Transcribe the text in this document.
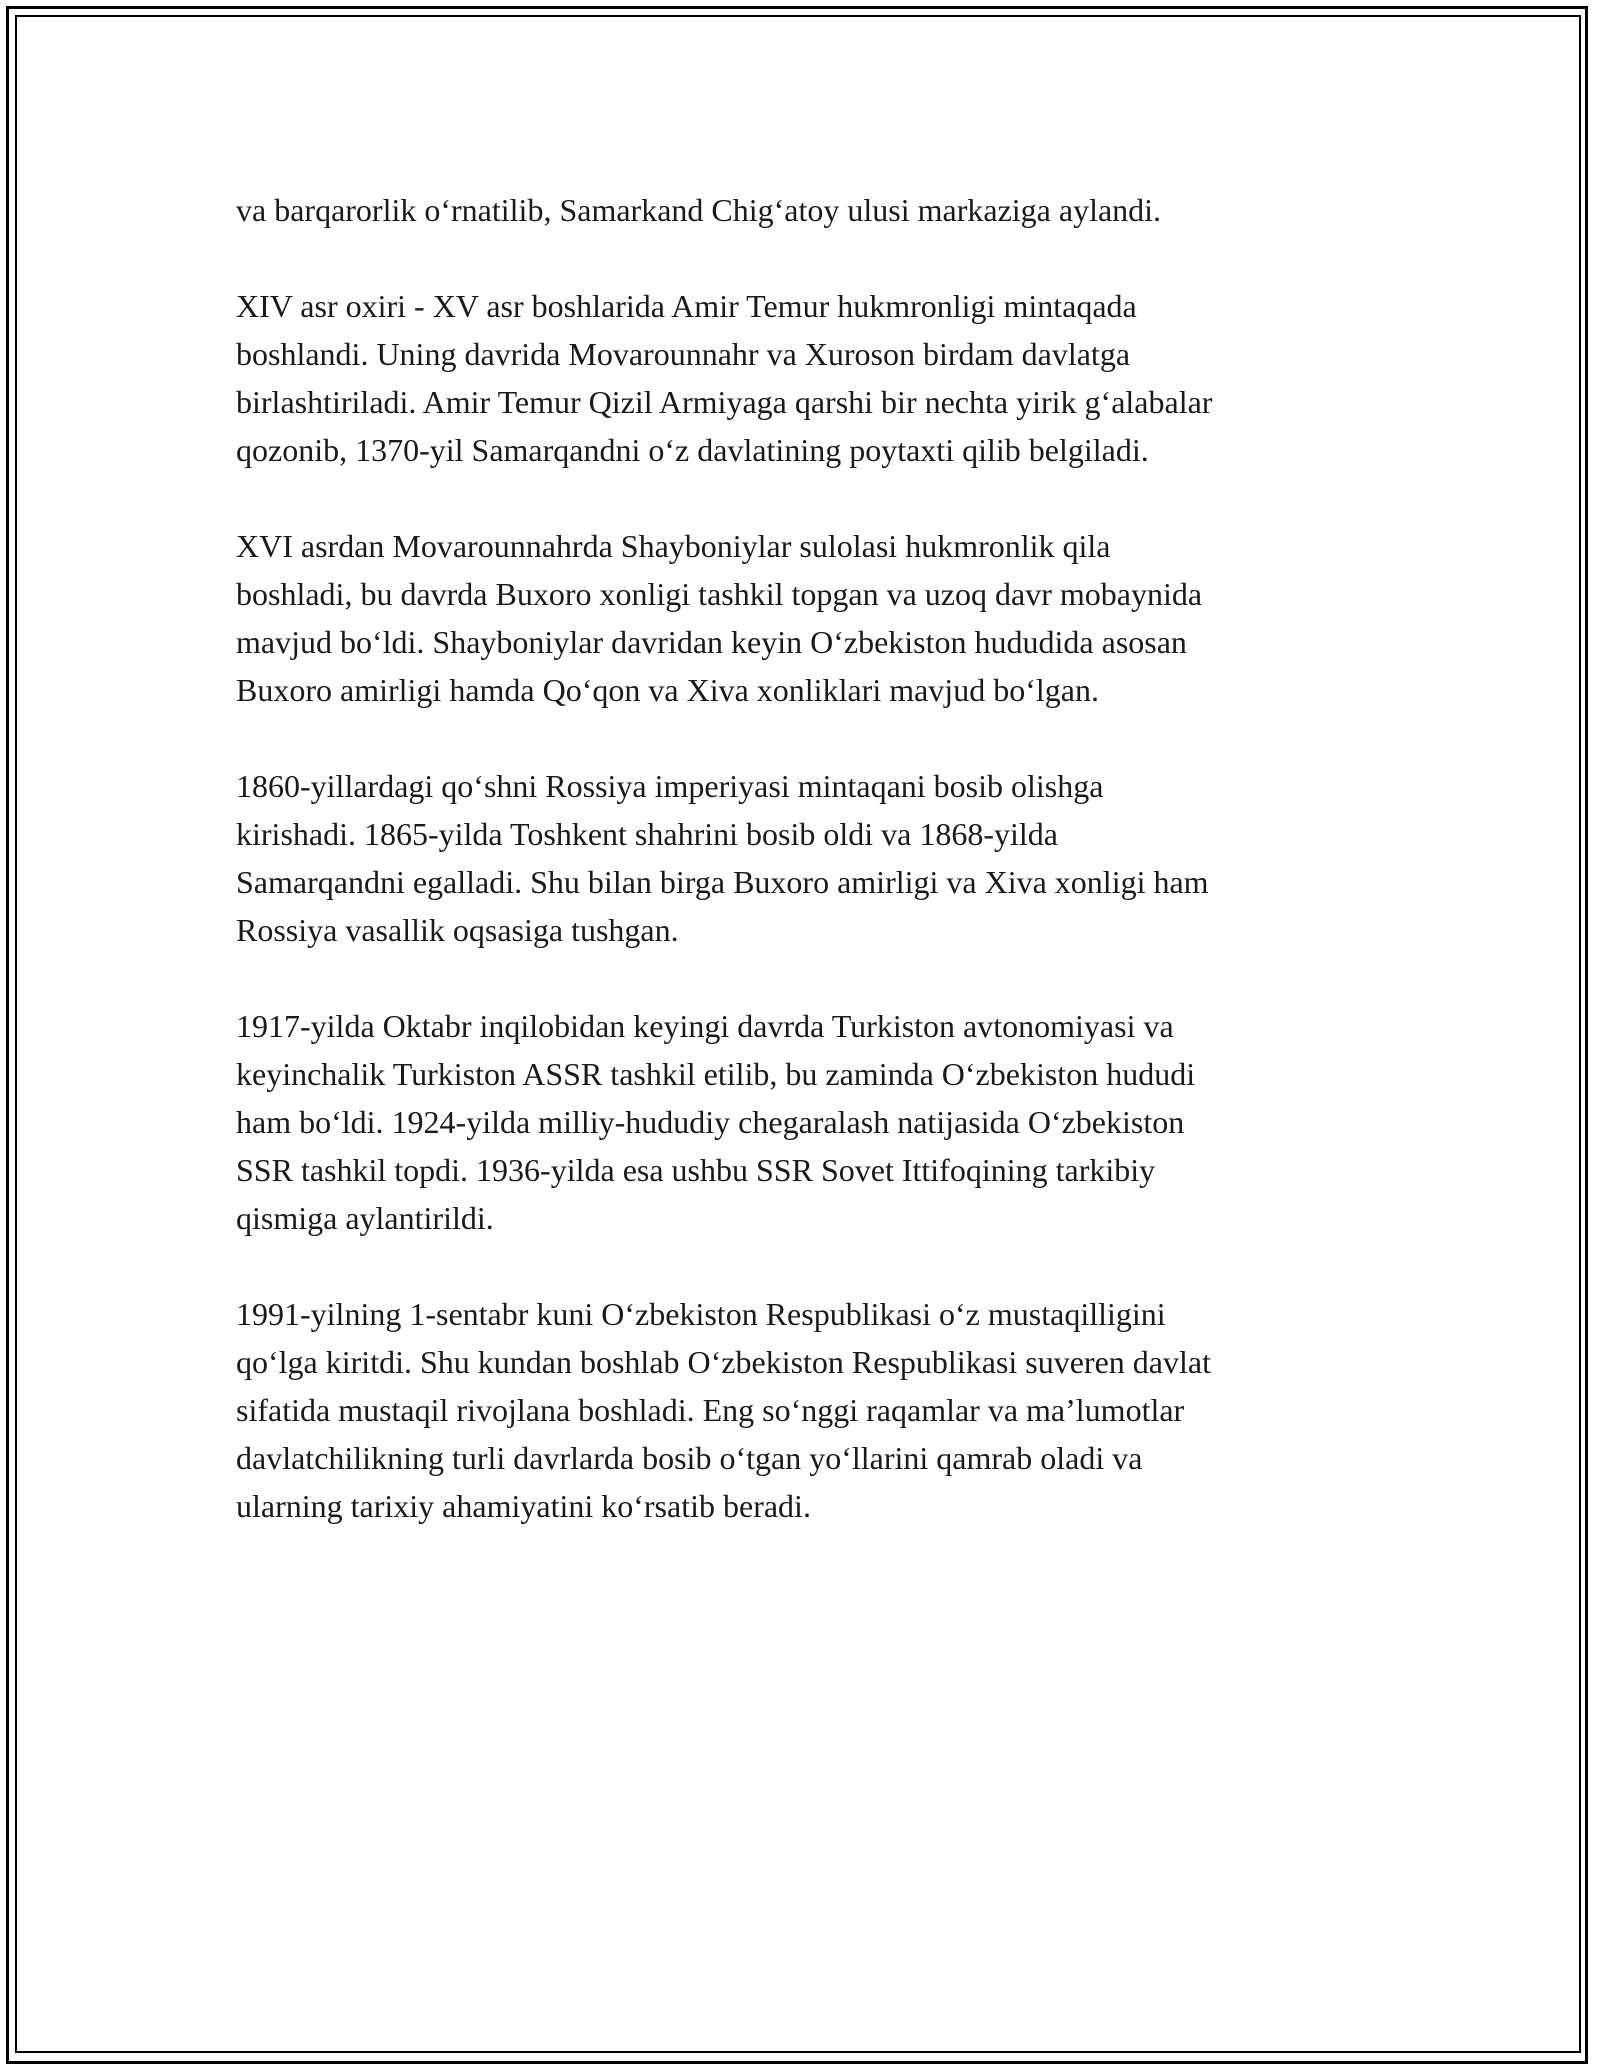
va barqarorlik o‘rnatilib, Samarkand Chig‘atoy ulusi markaziga aylandi.

XIV asr oxiri - XV asr boshlarida Amir Temur hukmronligi mintaqada
boshlandi. Uning davrida Movarounnahr va Xuroson birdam davlatga
birlashtiriladi. Amir Temur Qizil Armiyaga qarshi bir nechta yirik g‘alabalar
qozonib, 1370-yil Samarqandni o‘z davlatining poytaxti qilib belgiladi.

XVI asrdan Movarounnahrda Shayboniylar sulolasi hukmronlik qila
boshladi, bu davrda Buxoro xonligi tashkil topgan va uzoq davr mobaynida
mavjud bo‘ldi. Shayboniylar davridan keyin O‘zbekiston hududida asosan
Buxoro amirligi hamda Qo‘qon va Xiva xonliklari mavjud bo‘lgan.

1860-yillardagi qo‘shni Rossiya imperiyasi mintaqani bosib olishga
kirishadi. 1865-yilda Toshkent shahrini bosib oldi va 1868-yilda
Samarqandni egalladi. Shu bilan birga Buxoro amirligi va Xiva xonligi ham
Rossiya vasallik oqsasiga tushgan.

1917-yilda Oktabr inqilobidan keyingi davrda Turkiston avtonomiyasi va
keyinchalik Turkiston ASSR tashkil etilib, bu zaminda O‘zbekiston hududi
ham bo‘ldi. 1924-yilda milliy-hududiy chegaralash natijasida O‘zbekiston
SSR tashkil topdi. 1936-yilda esa ushbu SSR Sovet Ittifoqining tarkibiy
qismiga aylantirildi.

1991-yilning 1-sentabr kuni O‘zbekiston Respublikasi o‘z mustaqilligini
qo‘lga kiritdi. Shu kundan boshlab O‘zbekiston Respublikasi suveren davlat
sifatida mustaqil rivojlana boshladi. Eng so‘nggi raqamlar va ma’lumotlar
davlatchilikning turli davrlarda bosib o‘tgan yo‘llarini qamrab oladi va
ularning tarixiy ahamiyatini ko‘rsatib beradi.
